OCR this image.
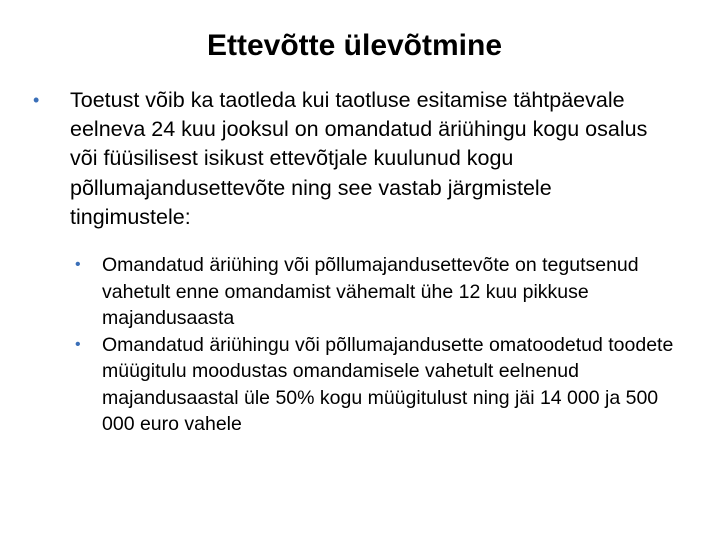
Ettevõtte ülevõtmine
• Toetust võib ka taotleda kui taotluse esitamise tähtpäevale eelneva 24 kuu jooksul on omandatud äriühingu kogu osalus või füüsilisest isikust ettevõtjale kuulunud kogu põllumajandusettevõte ning see vastab järgmistele tingimustele:
• Omandatud äriühing või põllumajandusettevõte on tegutsenud vahetult enne omandamist vähemalt ühe 12 kuu pikkuse majandusaasta
• Omandatud äriühingu või põllumajandusette omatoodetud toodete müügitulu moodustas omandamisele vahetult eelnenud majandusaastal üle 50% kogu müügitulust ning jäi 14 000 ja 500 000 euro vahele
